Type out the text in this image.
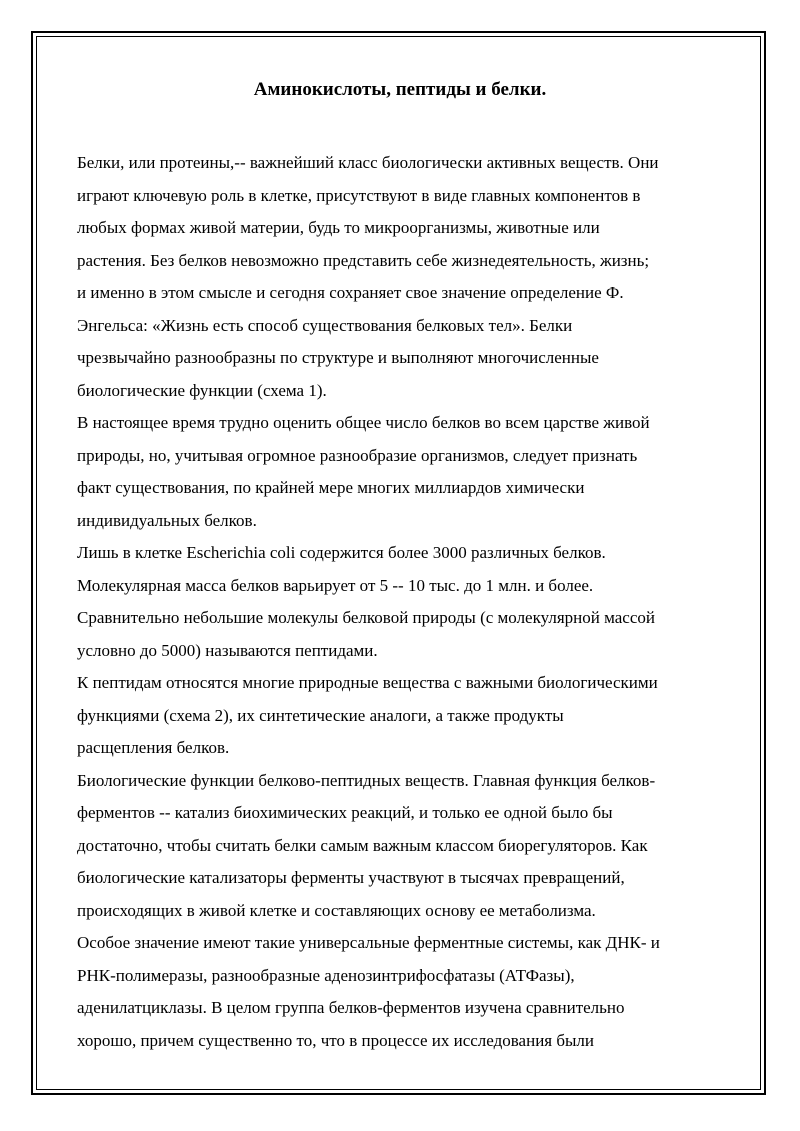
Аминокислоты, пептиды и белки.
Белки, или протеины,-- важнейший класс биологически активных веществ. Они
играют ключевую роль в клетке, присутствуют в виде главных компонентов в
любых формах живой материи, будь то микроорганизмы, животные или
растения. Без белков невозможно представить себе жизнедеятельность, жизнь;
и именно в этом смысле и сегодня сохраняет свое значение определение Ф.
Энгельса: «Жизнь есть способ существования белковых тел». Белки
чрезвычайно разнообразны по структуре и выполняют многочисленные
биологические функции (схема 1).
В настоящее время трудно оценить общее число белков во всем царстве живой
природы, но, учитывая огромное разнообразие организмов, следует признать
факт существования, по крайней мере многих миллиардов химически
индивидуальных белков.
Лишь в клетке Escherichia coli содержится более 3000 различных белков.
Молекулярная масса белков варьирует от 5 -- 10 тыс. до 1 млн. и более.
Сравнительно небольшие молекулы белковой природы (с молекулярной массой
условно до 5000) называются пептидами.
К пептидам относятся многие природные вещества с важными биологическими
функциями (схема 2), их синтетические аналоги, а также продукты
расщепления белков.
Биологические функции белково-пептидных веществ. Главная функция белков-
ферментов -- катализ биохимических реакций, и только ее одной было бы
достаточно, чтобы считать белки самым важным классом биорегуляторов. Как
биологические катализаторы ферменты участвуют в тысячах превращений,
происходящих в живой клетке и составляющих основу ее метаболизма.
Особое значение имеют такие универсальные ферментные системы, как ДНК- и
РНК-полимеразы, разнообразные аденозинтрифосфатазы (АТФазы),
аденилатциклазы. В целом группа белков-ферментов изучена сравнительно
хорошо, причем существенно то, что в процессе их исследования были
